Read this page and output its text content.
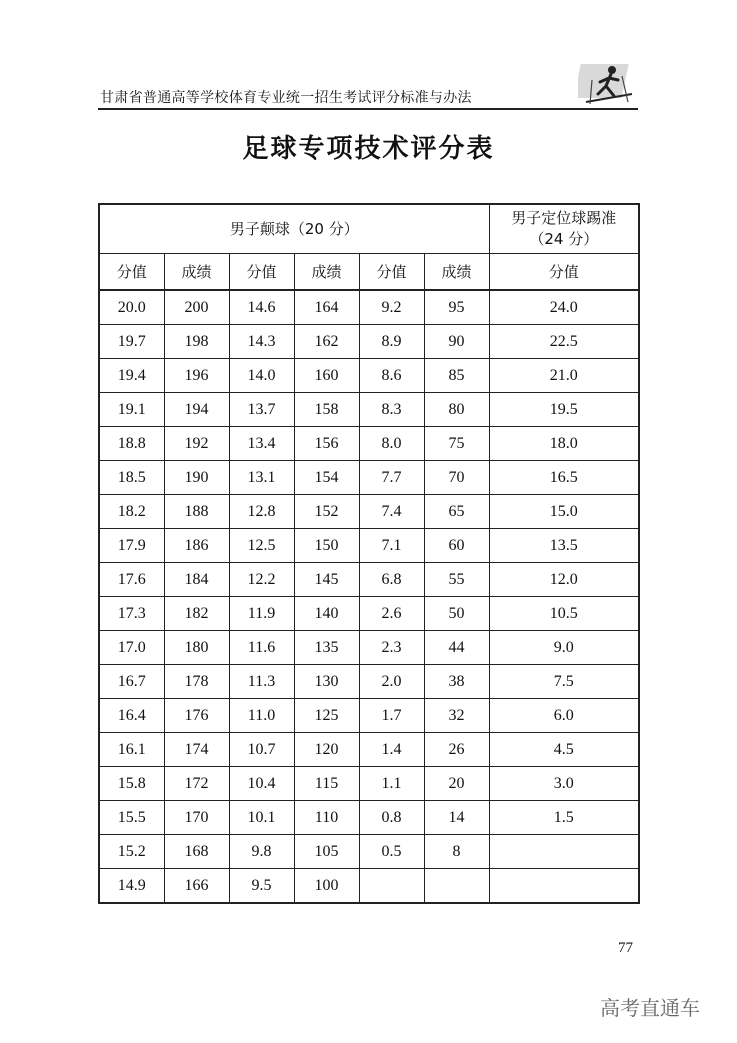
甘肃省普通高等学校体育专业统一招生考试评分标准与办法
足球专项技术评分表
男子颠球（20 分）						男子定位球踢准
（24 分）

分值	成绩	分值	成绩	分值	成绩	分值
20.0	200	14.6	164	9.2	95	24.0
19.7	198	14.3	162	8.9	90	22.5
19.4	196	14.0	160	8.6	85	21.0
19.1	194	13.7	158	8.3	80	19.5
18.8	192	13.4	156	8.0	75	18.0
18.5	190	13.1	154	7.7	70	16.5
18.2	188	12.8	152	7.4	65	15.0
17.9	186	12.5	150	7.1	60	13.5
17.6	184	12.2	145	6.8	55	12.0
17.3	182	11.9	140	2.6	50	10.5
17.0	180	11.6	135	2.3	44	9.0
16.7	178	11.3	130	2.0	38	7.5
16.4	176	11.0	125	1.7	32	6.0
16.1	174	10.7	120	1.4	26	4.5
15.8	172	10.4	115	1.1	20	3.0
15.5	170	10.1	110	0.8	14	1.5
15.2	168	9.8	105	0.5	8	
14.9	166	9.5	100			
77
高考直通车
